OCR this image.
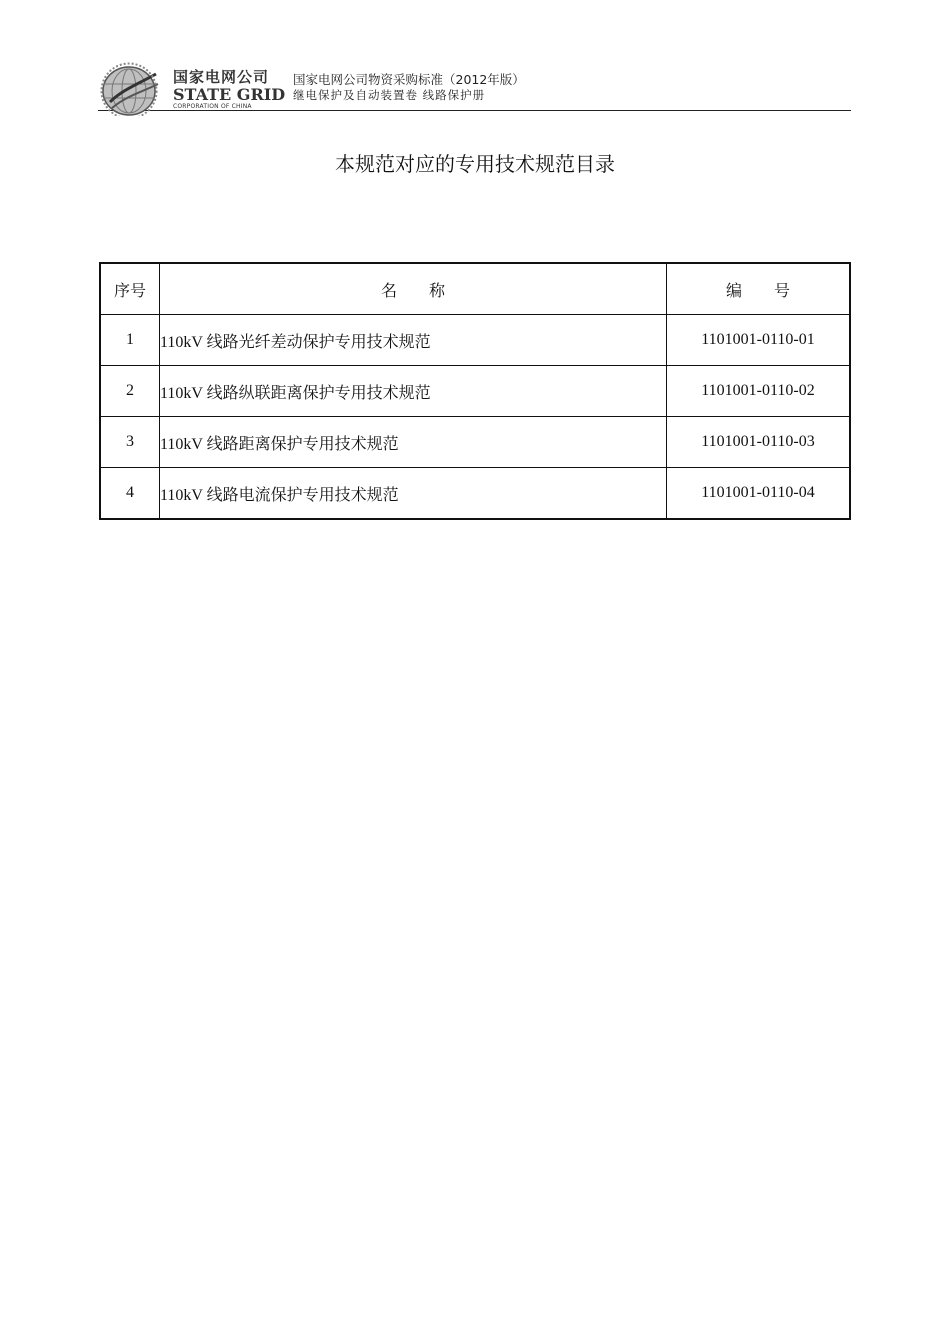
国家电网公司
STATE GRID
CORPORATION OF CHINA
国家电网公司物资采购标准（2012年版）
继电保护及自动装置卷 线路保护册
本规范对应的专用技术规范目录
序号	名        称	编        号
1	110kV 线路光纤差动保护专用技术规范	1101001-0110-01
2	110kV 线路纵联距离保护专用技术规范	1101001-0110-02
3	110kV 线路距离保护专用技术规范	1101001-0110-03
4	110kV 线路电流保护专用技术规范	1101001-0110-04
